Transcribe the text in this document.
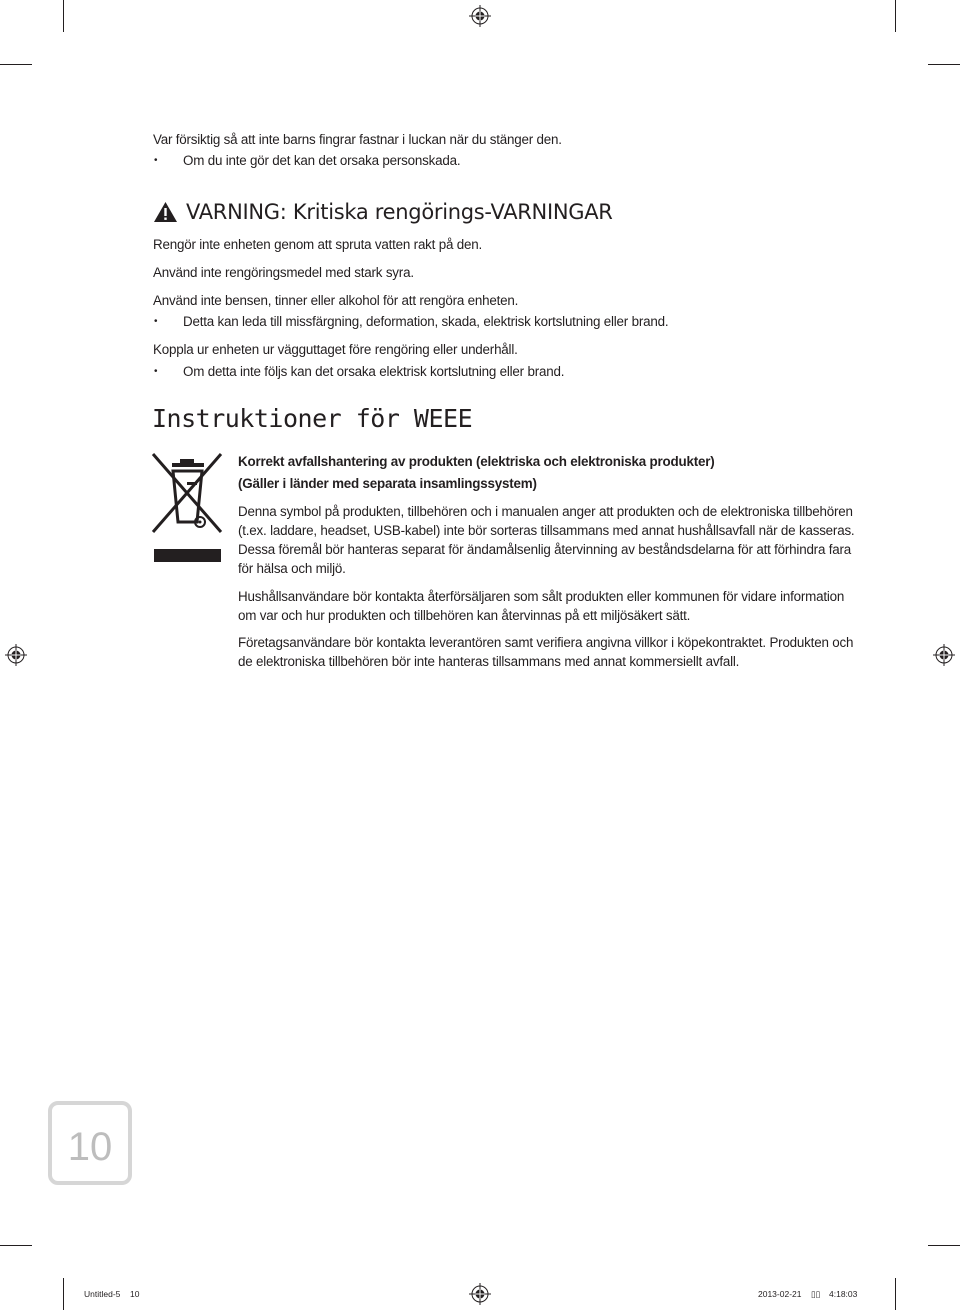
Var försiktig så att inte barns fingrar fastnar i luckan när du stänger den.
• Om du inte gör det kan det orsaka personskada.
VARNING: Kritiska rengörings-VARNINGAR
Rengör inte enheten genom att spruta vatten rakt på den.
Använd inte rengöringsmedel med stark syra.
Använd inte bensen, tinner eller alkohol för att rengöra enheten.
• Detta kan leda till missfärgning, deformation, skada, elektrisk kortslutning eller brand.
Koppla ur enheten ur vägguttaget före rengöring eller underhåll.
• Om detta inte följs kan det orsaka elektrisk kortslutning eller brand.
Instruktioner för WEEE
Korrekt avfallshantering av produkten (elektriska och elektroniska produkter)
(Gäller i länder med separata insamlingssystem)
Denna symbol på produkten, tillbehören och i manualen anger att produkten och de elektroniska tillbehören (t.ex. laddare, headset, USB-kabel) inte bör sorteras tillsammans med annat hushållsavfall när de kasseras. Dessa föremål bör hanteras separat för ändamålsenlig återvinning av beståndsdelarna för att förhindra fara för hälsa och miljö.
Hushållsanvändare bör kontakta återförsäljaren som sålt produkten eller kommunen för vidare information om var och hur produkten och tillbehören kan återvinnas på ett miljösäkert sätt.
Företagsanvändare bör kontakta leverantören samt verifiera angivna villkor i köpekontraktet. Produkten och de elektroniska tillbehören bör inte hanteras tillsammans med annat kommersiellt avfall.
10
Untitled-5 10	2013-02-21 ▯▯ 4:18:03
